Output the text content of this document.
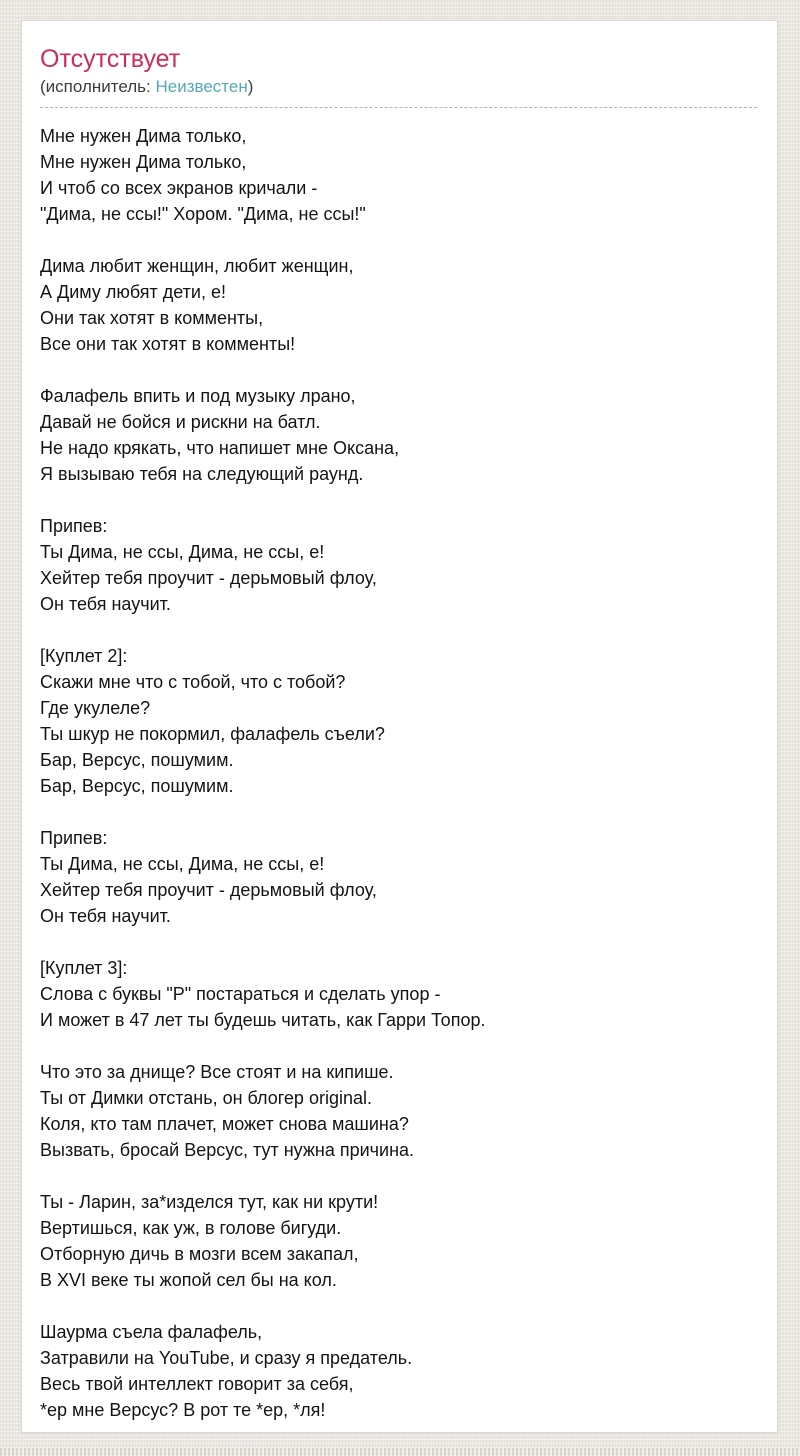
Отсутствует
(исполнитель: Неизвестен)
Мне нужен Дима только,
Мне нужен Дима только,
И чтоб со всех экранов кричали -
"Дима, не ссы!" Хором. "Дима, не ссы!"
Дима любит женщин, любит женщин,
А Диму любят дети, е!
Они так хотят в комменты,
Все они так хотят в комменты!
Фалафель впить и под музыку лрано,
Давай не бойся и рискни на батл.
Не надо крякать, что напишет мне Оксана,
Я вызываю тебя на следующий раунд.
Припев:
Ты Дима, не ссы, Дима, не ссы, е!
Хейтер тебя проучит - дерьмовый флоу,
Он тебя научит.
[Куплет 2]:
Скажи мне что с тобой, что с тобой?
Где укулеле?
Ты шкур не покормил, фалафель съели?
Бар, Версус, пошумим.
Бар, Версус, пошумим.
Припев:
Ты Дима, не ссы, Дима, не ссы, е!
Хейтер тебя проучит - дерьмовый флоу,
Он тебя научит.
[Куплет 3]:
Слова с буквы "Р" постараться и сделать упор -
И может в 47 лет ты будешь читать, как Гарри Топор.
Что это за днище? Все стоят и на кипише.
Ты от Димки отстань, он блогер original.
Коля, кто там плачет, может снова машина?
Вызвать, бросай Версус, тут нужна причина.
Ты - Ларин, за*изделся тут, как ни крути!
Вертишься, как уж, в голове бигуди.
Отборную дичь в мозги всем закапал,
В XVI веке ты жопой сел бы на кол.
Шаурма съела фалафель,
Затравили на YouTube, и сразу я предатель.
Весь твой интеллект говорит за себя,
*ер мне Версус? В рот те *ер, *ля!
